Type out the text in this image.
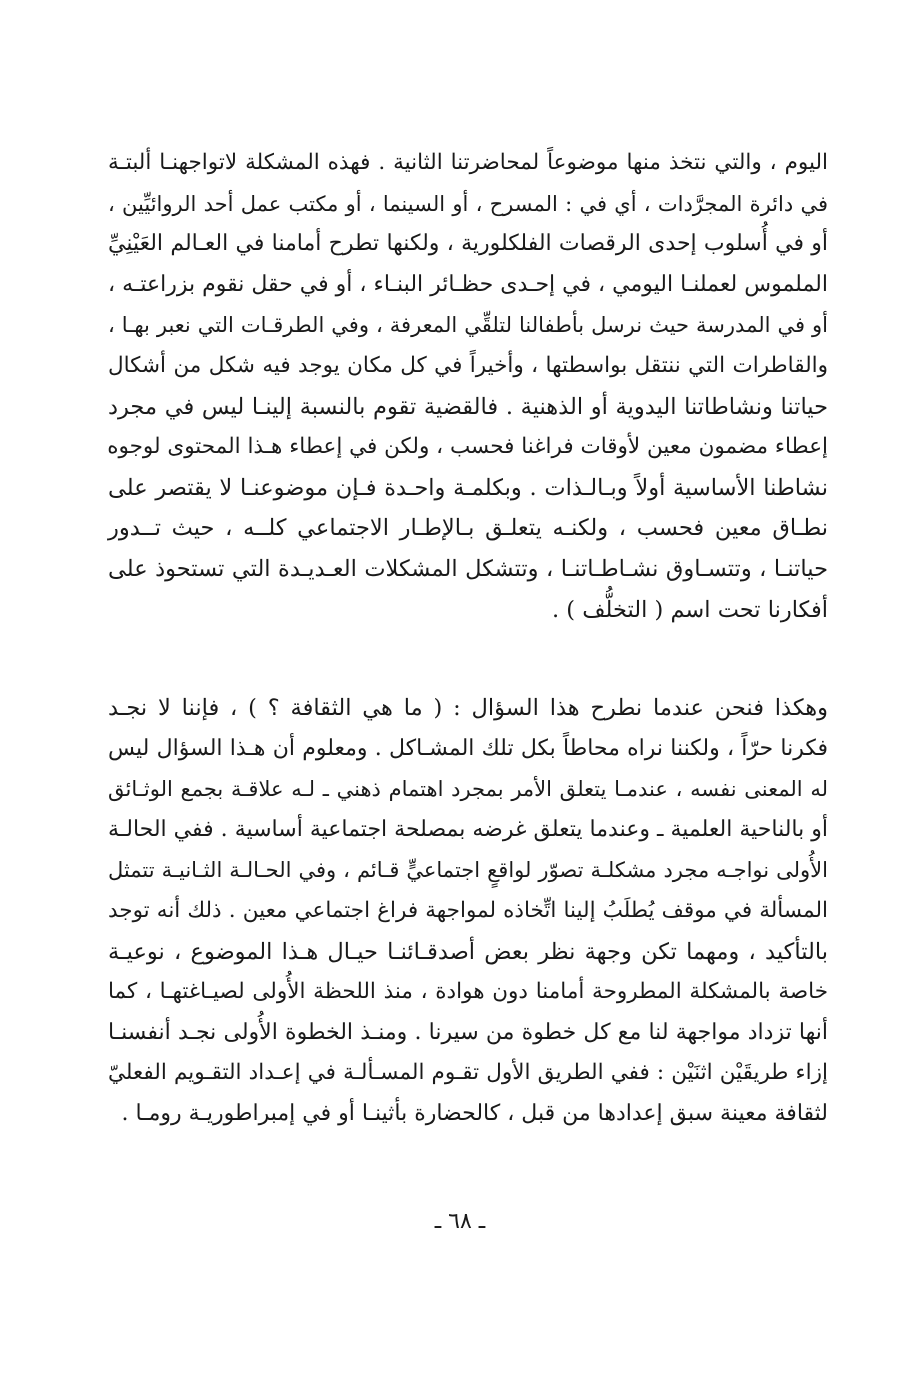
اليوم ، والتي نتخذ منها موضوعاً لمحاضرتنا الثانية . فهذه المشكلة لاتواجهنـا ألبتـة
في دائرة المجرَّدات ، أي في : المسرح ، أو السينما ، أو مكتب عمل أحد الروائيِّين ،
أو في أُسلوب إحدى الرقصات الفلكلورية ، ولكنها تطرح أمامنا في العـالم العَيْنِيِّ
الملموس لعملنـا اليومي ، في إحـدى حظـائر البنـاء ، أو في حقل نقوم بزراعتـه ،
أو في المدرسة حيث نرسل بأطفالنا لتلقِّي المعرفة ، وفي الطرقـات التي نعبر بهـا ،
والقاطرات التي ننتقل بواسطتها ، وأخيراً في كل مكان يوجد فيه شكل من أشكال
حياتنا ونشاطاتنا اليدوية أو الذهنية . فالقضية تقوم بالنسبة إلينـا ليس في مجرد
إعطاء مضمون معين لأوقات فراغنا فحسب ، ولكن في إعطاء هـذا المحتوى لوجوه
نشاطنا الأساسية أولاً وبـالـذات . وبكلمـة واحـدة فـإن موضوعنـا لا يقتصر على
نطـاق معين فحسب ، ولكنـه يتعلـق بـالإطـار الاجتماعي كلــه ، حيث تــدور
حياتنـا ، وتتسـاوق نشـاطـاتنـا ، وتتشكل المشكلات العـديـدة التي تستحوذ على
أفكارنا تحت اسم ( التخلُّف ) .
وهكذا فنحن عندما نطرح هذا السؤال : ( ما هي الثقافة ؟ ) ، فإننا لا نجـد
فكرنا حرّاً ، ولكننا نراه محاطاً بكل تلك المشـاكل . ومعلوم أن هـذا السؤال ليس
له المعنى نفسه ، عندمـا يتعلق الأمر بمجرد اهتمام ذهني ـ لـه علاقـة بجمع الوثـائق
أو بالناحية العلمية ـ وعندما يتعلق غرضه بمصلحة اجتماعية أساسية . ففي الحالـة
الأُولى نواجـه مجرد مشكلـة تصوّر لواقعٍ اجتماعيٍّ قـائم ، وفي الحـالـة الثـانيـة تتمثل
المسألة في موقف يُطلَبُ إلينا اتِّخاذه لمواجهة فراغ اجتماعي معين . ذلك أنه توجد
بالتأكيد ، ومهما تكن وجهة نظر بعض أصدقـائنـا حيـال هـذا الموضوع ، نوعيـة
خاصة بالمشكلة المطروحة أمامنا دون هوادة ، منذ اللحظة الأُولى لصيـاغتهـا ، كما
أنها تزداد مواجهة لنا مع كل خطوة من سيرنا . ومنـذ الخطوة الأُولى نجـد أنفسنـا
إزاء طريقَيْن اثنَيْن : ففي الطريق الأول تقـوم المسـألـة في إعـداد التقـويم الفعليّ
لثقافة معينة سبق إعدادها من قبل ، كالحضارة بأثينـا أو في إمبراطوريـة رومـا .
ـ ٦٨ ـ
